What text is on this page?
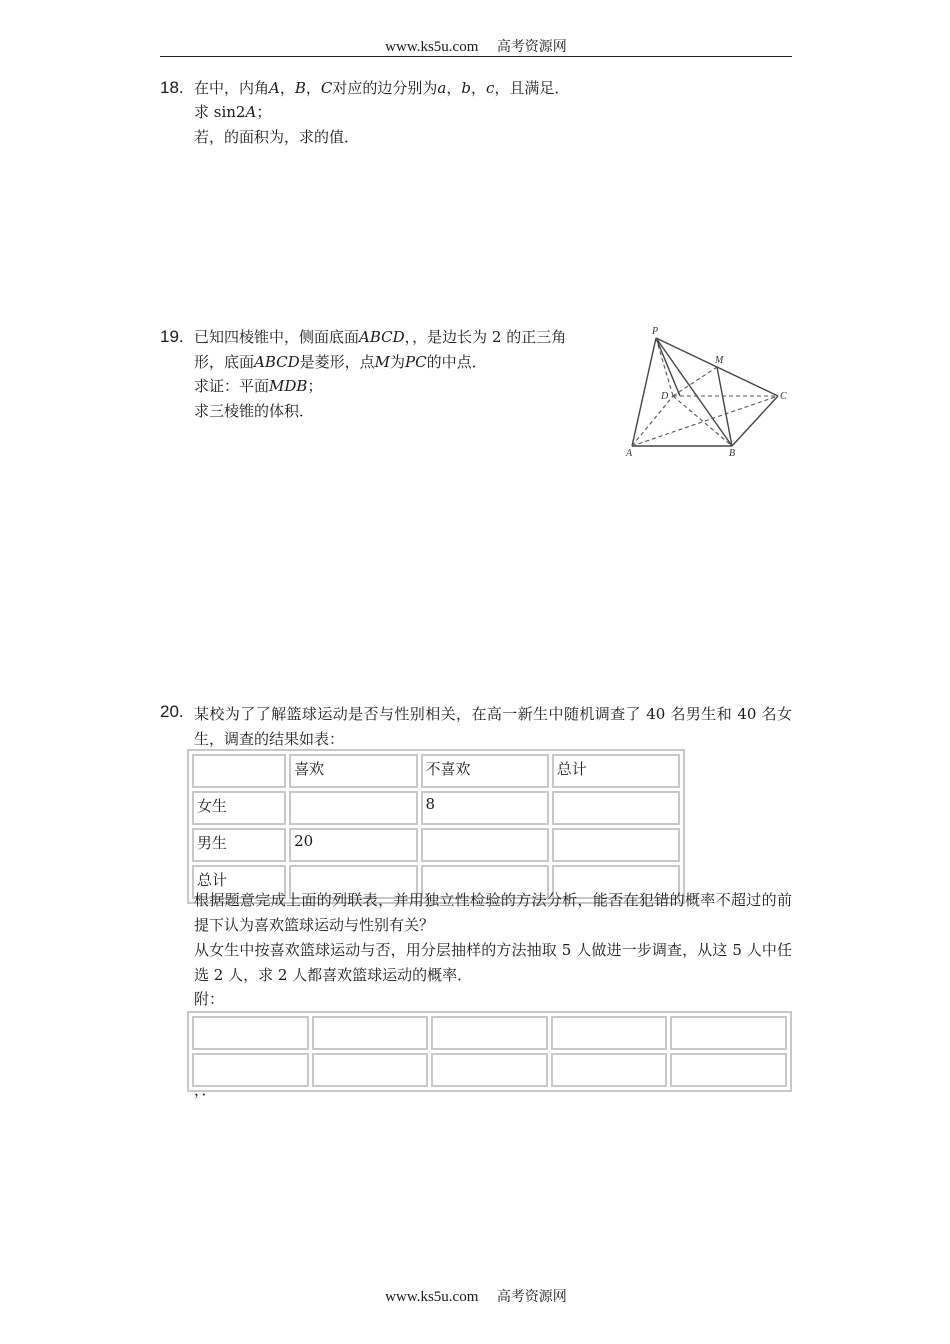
www.ks5u.com 高考资源网
18. 在中，内角A，B，C对应的边分别为a，b，c，且满足．
求 sin2A；
若，的面积为，求的值．
19. 已知四棱锥中，侧面底面ABCD，，是边长为 2 的正三角
形，底面ABCD是菱形，点M为PC的中点．
求证：平面MDB；
求三棱锥的体积．
P
M
D	C
A	B
20. 某校为了了解篮球运动是否与性别相关，在高一新生中随机调查了 40 名男生和 40 名女生，调查的结果如表：
	喜欢	不喜欢	总计
女生		8	
男生	20		
总计			
根据题意完成上面的列联表，并用独立性检验的方法分析，能否在犯错的概率不超过的前提下认为喜欢篮球运动与性别有关？
从女生中按喜欢篮球运动与否，用分层抽样的方法抽取 5 人做进一步调查，从这 5 人中任选 2 人，求 2 人都喜欢篮球运动的概率．
附：

，．
www.ks5u.com 高考资源网
